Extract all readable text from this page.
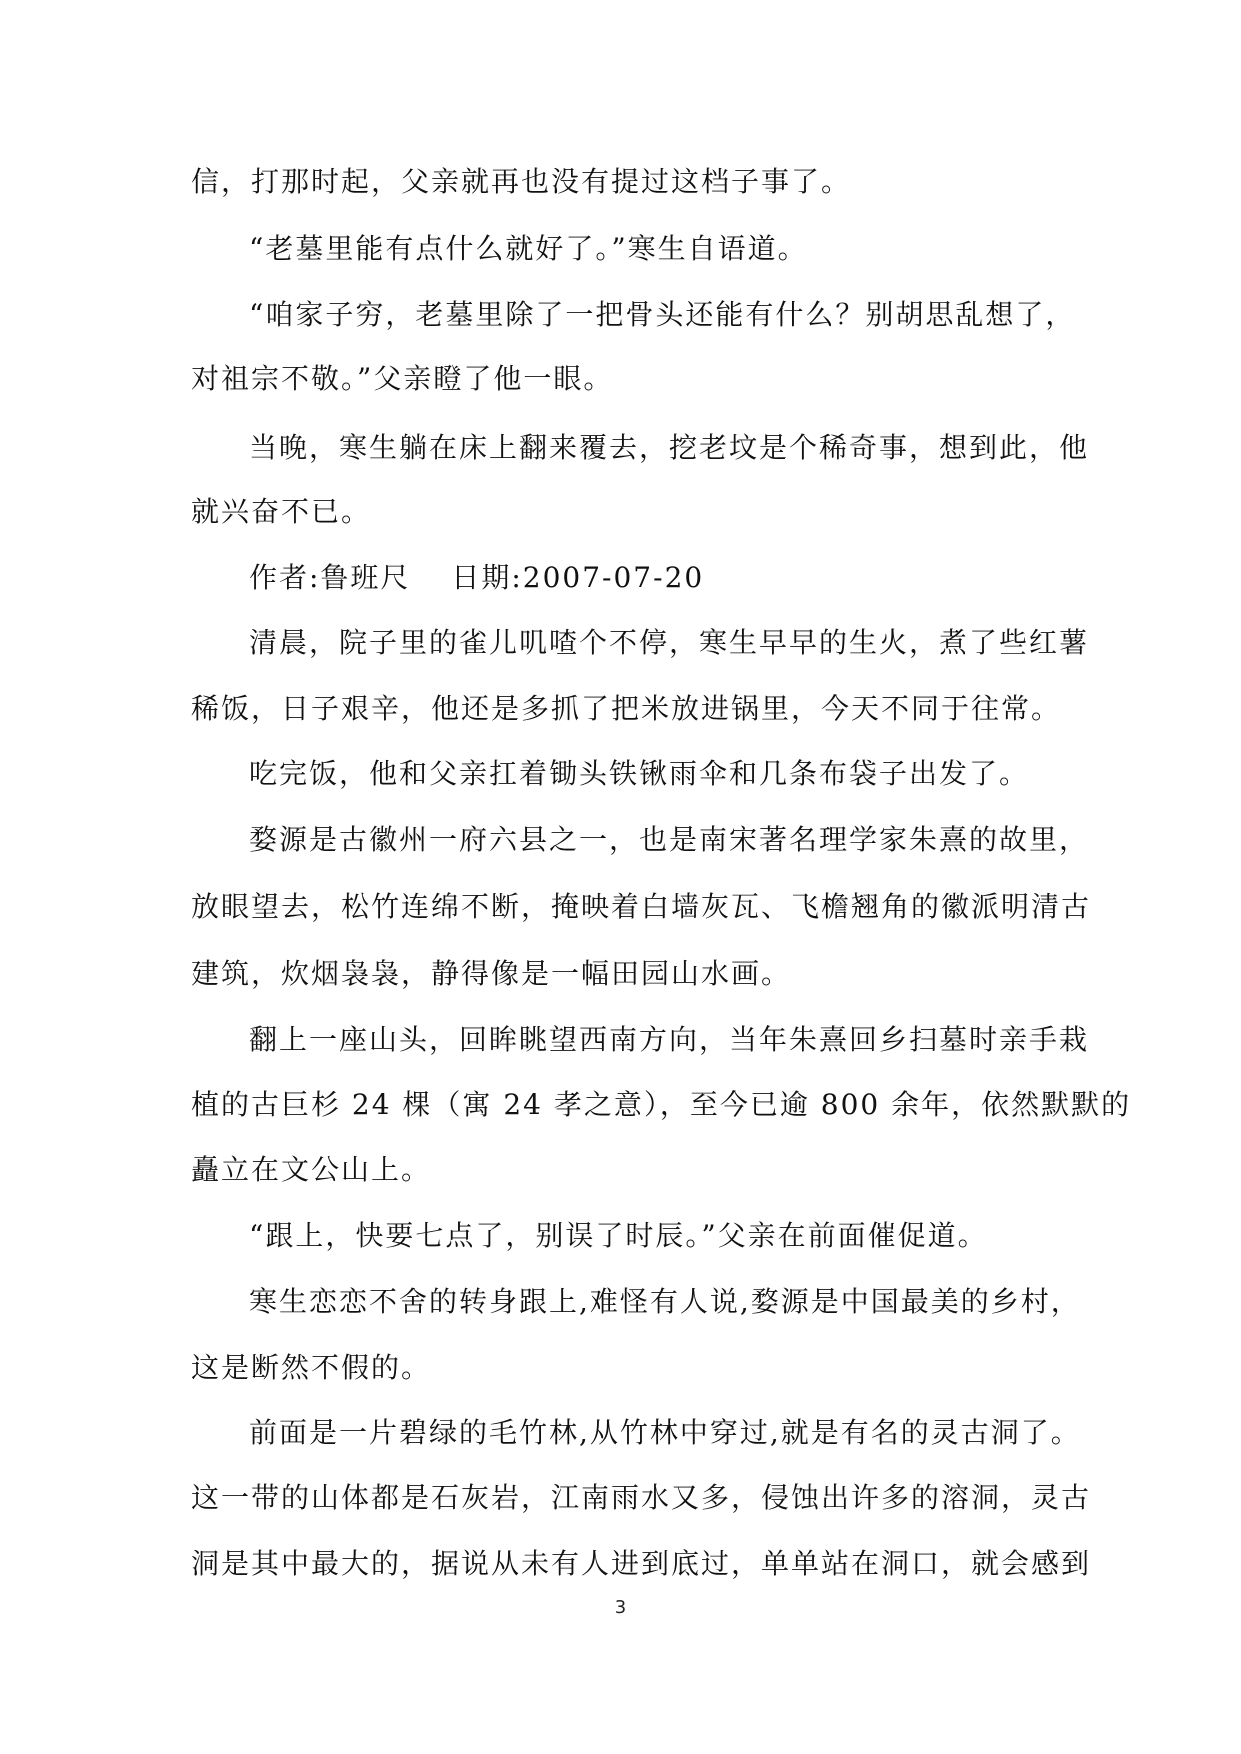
信，打那时起，父亲就再也没有提过这档子事了。
“老墓里能有点什么就好了。”寒生自语道。
“咱家子穷，老墓里除了一把骨头还能有什么？别胡思乱想了，
对祖宗不敬。”父亲瞪了他一眼。
当晚，寒生躺在床上翻来覆去，挖老坟是个稀奇事，想到此，他
就兴奋不已。
作者:鲁班尺　 日期:2007-07-20
清晨，院子里的雀儿叽喳个不停，寒生早早的生火，煮了些红薯
稀饭，日子艰辛，他还是多抓了把米放进锅里，今天不同于往常。
吃完饭，他和父亲扛着锄头铁锹雨伞和几条布袋子出发了。
婺源是古徽州一府六县之一，也是南宋著名理学家朱熹的故里，
放眼望去，松竹连绵不断，掩映着白墙灰瓦、飞檐翘角的徽派明清古
建筑，炊烟袅袅，静得像是一幅田园山水画。
翻上一座山头，回眸眺望西南方向，当年朱熹回乡扫墓时亲手栽
植的古巨杉 24 棵（寓 24 孝之意），至今已逾 800 余年，依然默默的
矗立在文公山上。
“跟上，快要七点了，别误了时辰。”父亲在前面催促道。
寒生恋恋不舍的转身跟上,难怪有人说,婺源是中国最美的乡村，
这是断然不假的。
前面是一片碧绿的毛竹林,从竹林中穿过,就是有名的灵古洞了。
这一带的山体都是石灰岩，江南雨水又多，侵蚀出许多的溶洞，灵古
洞是其中最大的，据说从未有人进到底过，单单站在洞口，就会感到
3
